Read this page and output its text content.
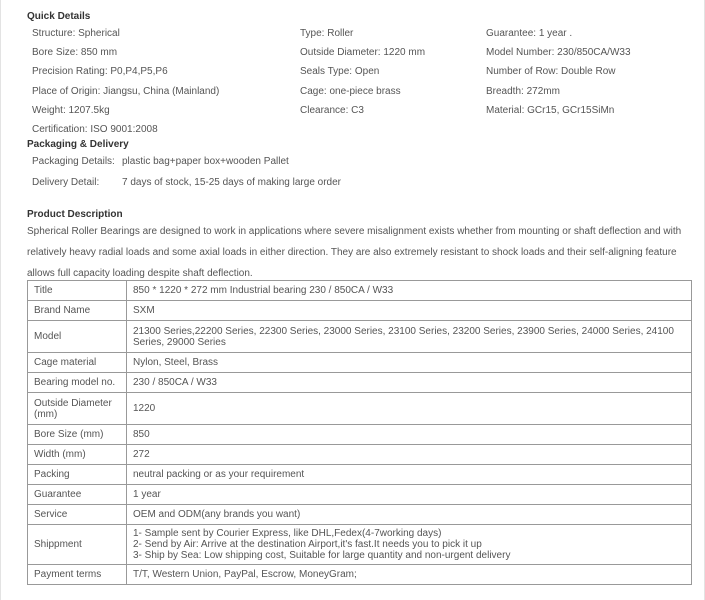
Quick Details
Structure: Spherical
Bore Size: 850 mm
Precision Rating: P0,P4,P5,P6
Place of Origin: Jiangsu, China (Mainland)
Weight: 1207.5kg
Certification: ISO 9001:2008
Type: Roller
Outside Diameter: 1220 mm
Seals Type: Open
Cage: one-piece brass
Clearance: C3
Guarantee: 1 year .
Model Number: 230/850CA/W33
Number of Row: Double Row
Breadth: 272mm
Material: GCr15, GCr15SiMn
Packaging & Delivery
Packaging Details: plastic bag+paper box+wooden Pallet
Delivery Detail: 7 days of stock, 15-25 days of making large order
Product Description
Spherical Roller Bearings are designed to work in applications where severe misalignment exists whether from mounting or shaft deflection and with relatively heavy radial loads and some axial loads in either direction. They are also extremely resistant to shock loads and their self-aligning feature allows full capacity loading despite shaft deflection.
Title	850 * 1220 * 272 mm Industrial bearing 230 / 850CA / W33
Brand Name	SXM
Model	21300 Series,22200 Series, 22300 Series, 23000 Series, 23100 Series, 23200 Series, 23900 Series, 24000 Series, 24100 Series, 29000 Series
Cage material	Nylon, Steel, Brass
Bearing model no.	230 / 850CA / W33
Outside Diameter (mm)	1220
Bore Size (mm)	850
Width (mm)	272
Packing	neutral packing or as your requirement
Guarantee	1 year
Service	OEM and ODM(any brands you want)
Shippment	1- Sample sent by Courier Express, like DHL,Fedex(4-7working days)
2- Send by Air: Arrive at the destination Airport,it's fast.It needs you to pick it up
3- Ship by Sea: Low shipping cost, Suitable for large quantity and non-urgent delivery

Payment terms	T/T, Western Union, PayPal, Escrow, MoneyGram;
